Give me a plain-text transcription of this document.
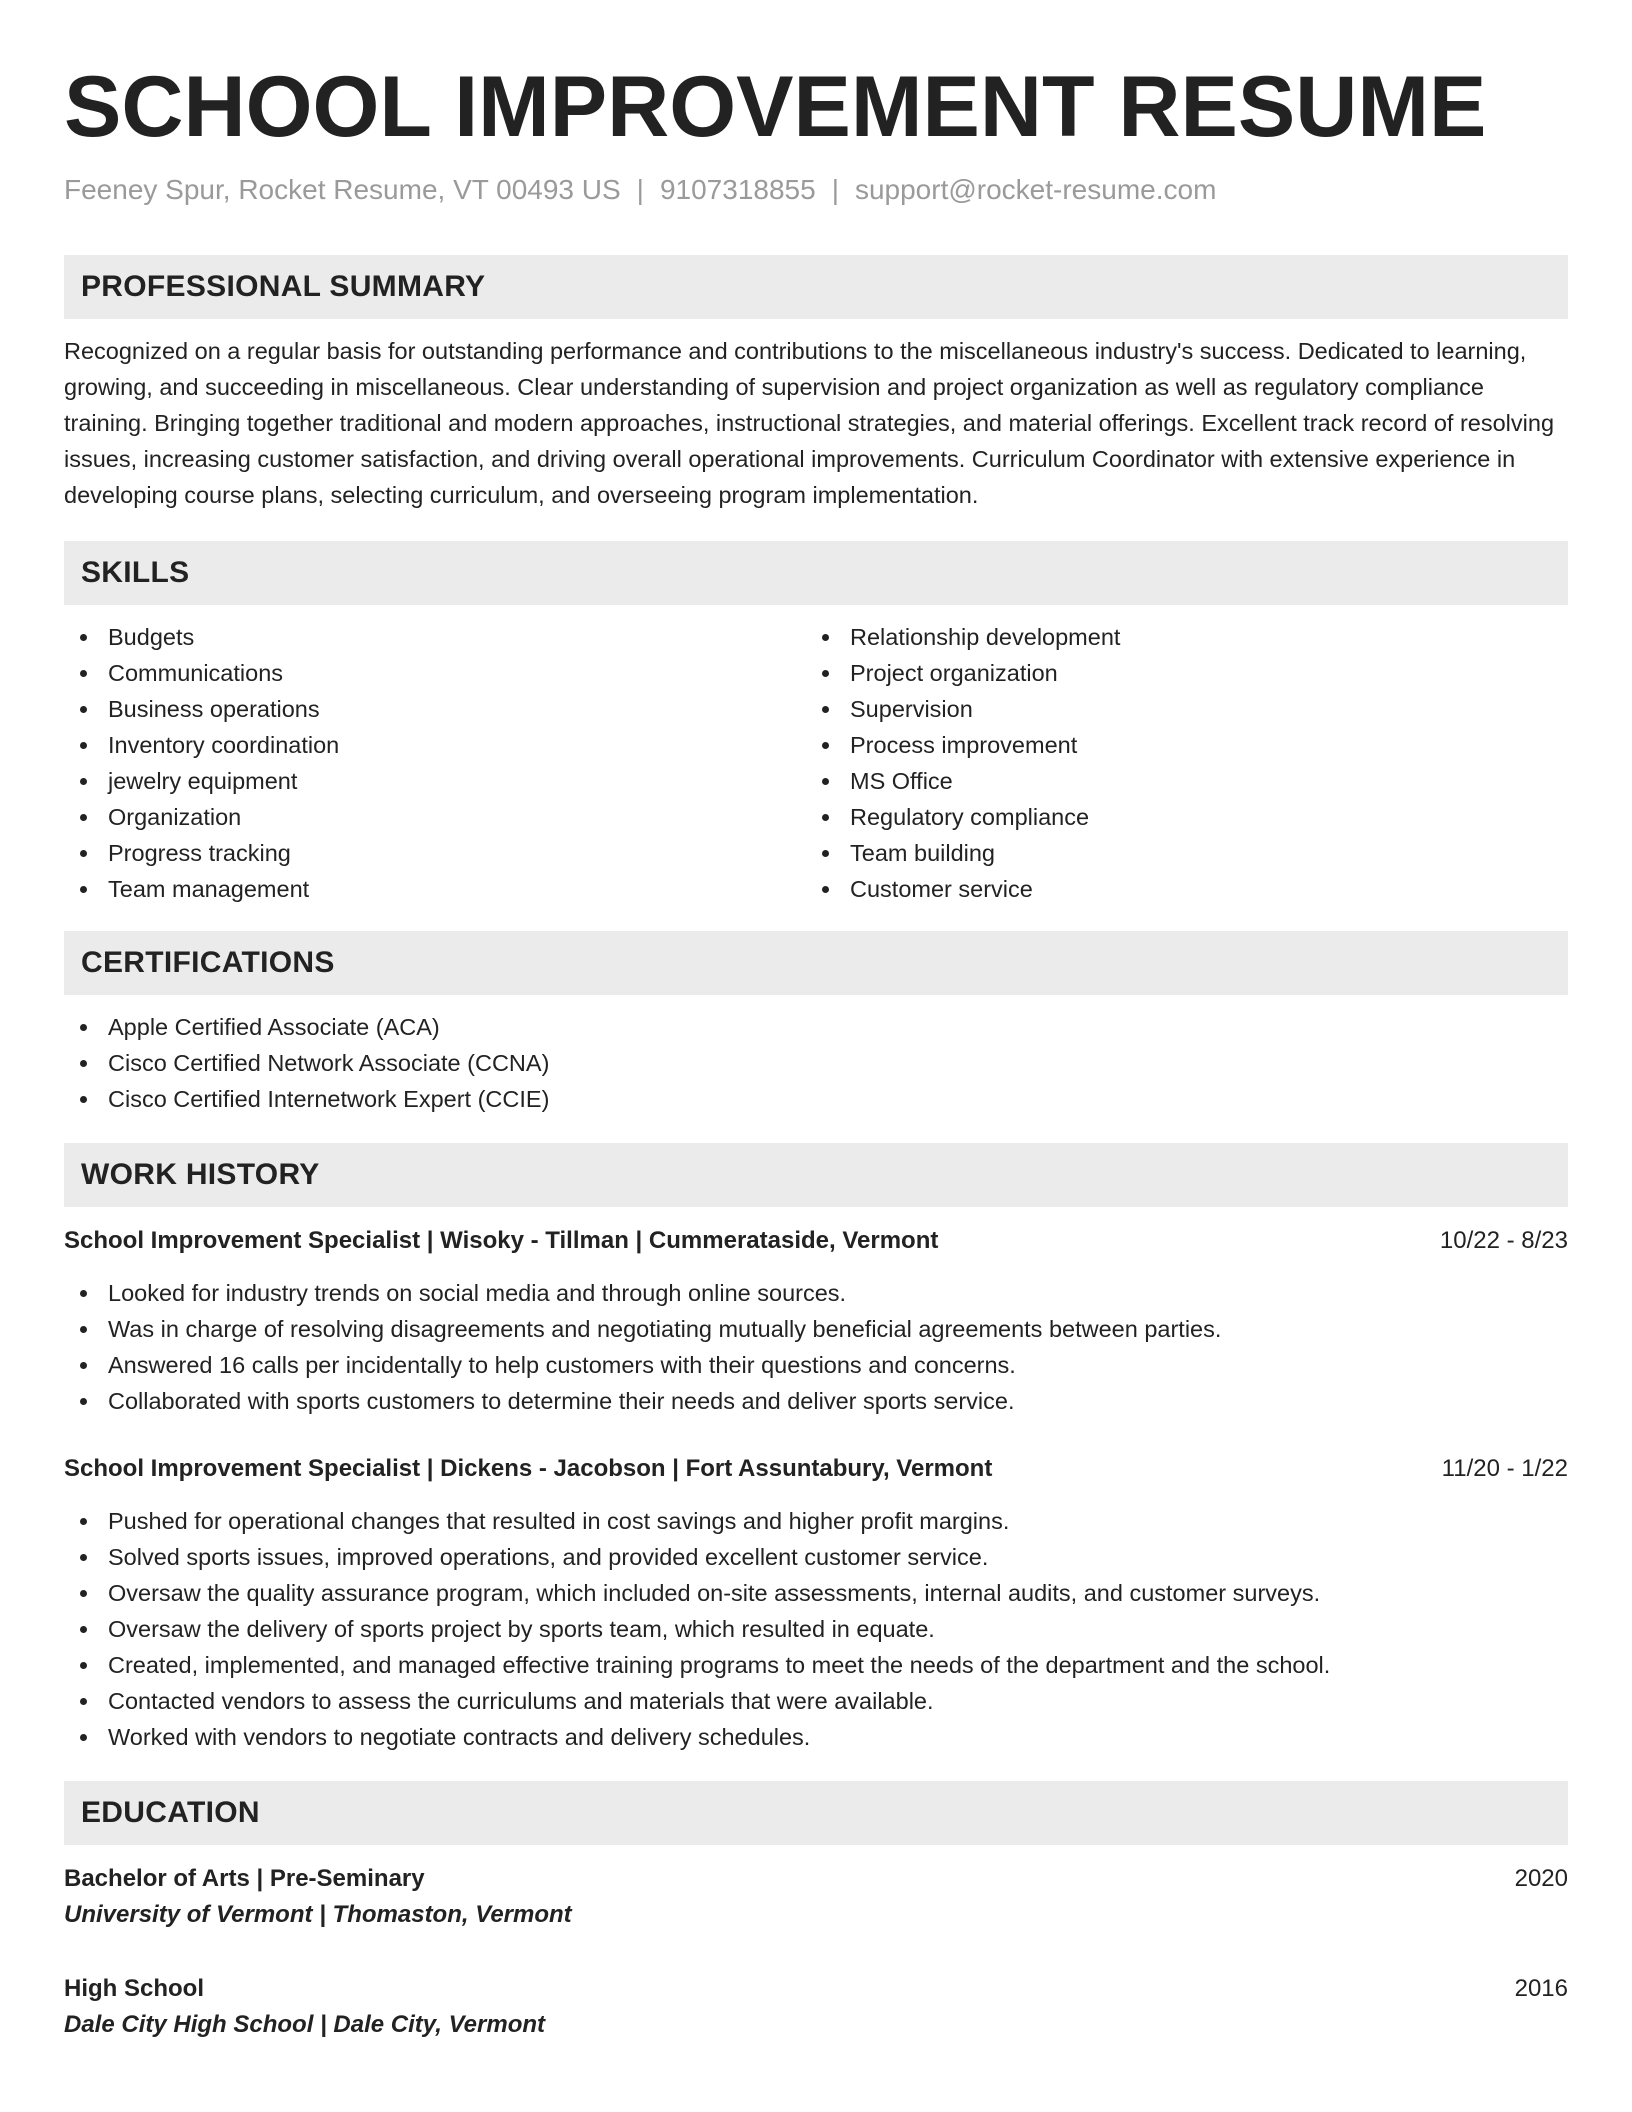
SCHOOL IMPROVEMENT RESUME
Feeney Spur, Rocket Resume, VT 00493 US | 9107318855 | support@rocket-resume.com
PROFESSIONAL SUMMARY
Recognized on a regular basis for outstanding performance and contributions to the miscellaneous industry's success. Dedicated to learning, growing, and succeeding in miscellaneous. Clear understanding of supervision and project organization as well as regulatory compliance training. Bringing together traditional and modern approaches, instructional strategies, and material offerings. Excellent track record of resolving issues, increasing customer satisfaction, and driving overall operational improvements. Curriculum Coordinator with extensive experience in developing course plans, selecting curriculum, and overseeing program implementation.
SKILLS
Budgets
Communications
Business operations
Inventory coordination
jewelry equipment
Organization
Progress tracking
Team management
Relationship development
Project organization
Supervision
Process improvement
MS Office
Regulatory compliance
Team building
Customer service
CERTIFICATIONS
Apple Certified Associate (ACA)
Cisco Certified Network Associate (CCNA)
Cisco Certified Internetwork Expert (CCIE)
WORK HISTORY
School Improvement Specialist | Wisoky - Tillman | Cummerataside, Vermont	10/22 - 8/23
Looked for industry trends on social media and through online sources.
Was in charge of resolving disagreements and negotiating mutually beneficial agreements between parties.
Answered 16 calls per incidentally to help customers with their questions and concerns.
Collaborated with sports customers to determine their needs and deliver sports service.
School Improvement Specialist | Dickens - Jacobson | Fort Assuntabury, Vermont	11/20 - 1/22
Pushed for operational changes that resulted in cost savings and higher profit margins.
Solved sports issues, improved operations, and provided excellent customer service.
Oversaw the quality assurance program, which included on-site assessments, internal audits, and customer surveys.
Oversaw the delivery of sports project by sports team, which resulted in equate.
Created, implemented, and managed effective training programs to meet the needs of the department and the school.
Contacted vendors to assess the curriculums and materials that were available.
Worked with vendors to negotiate contracts and delivery schedules.
EDUCATION
Bachelor of Arts | Pre-Seminary	2020
University of Vermont | Thomaston, Vermont
High School	2016
Dale City High School | Dale City, Vermont
